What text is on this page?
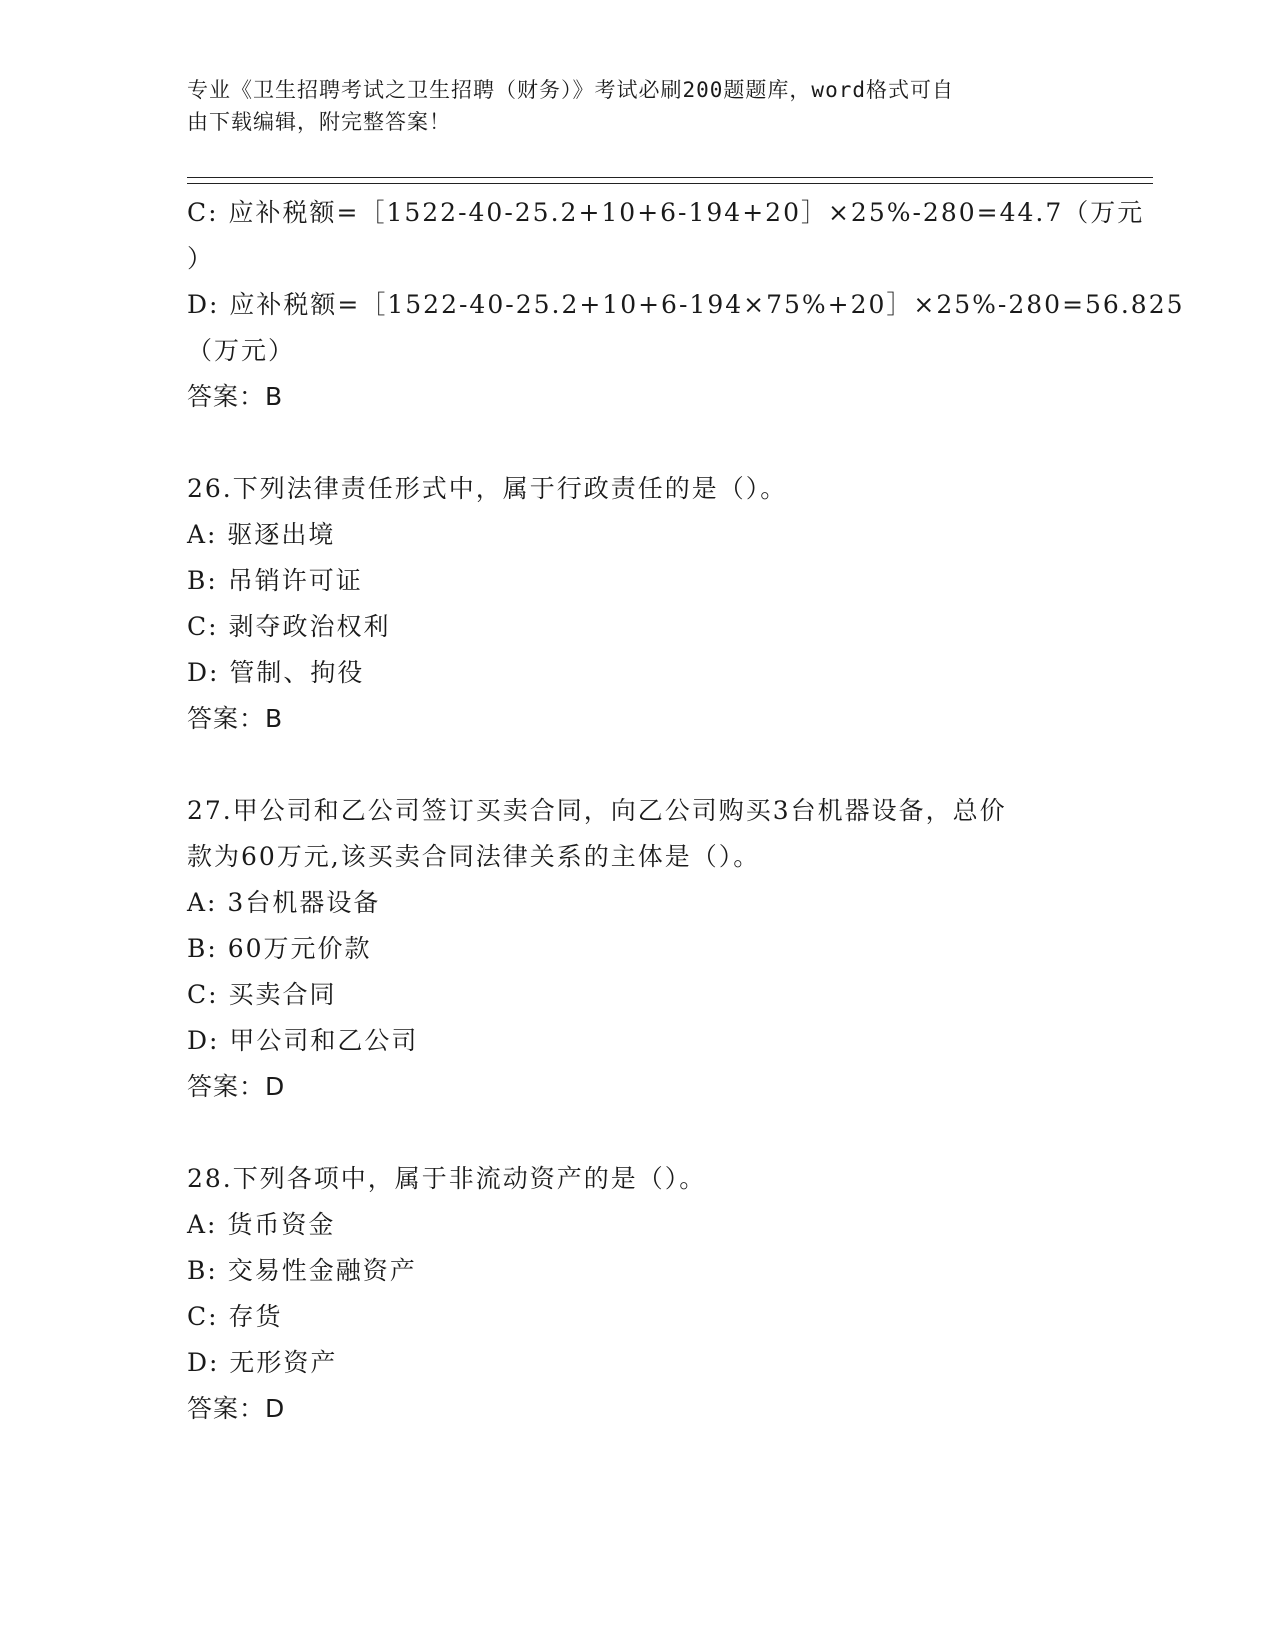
专业《卫生招聘考试之卫生招聘（财务）》考试必刷200题题库，word格式可自
由下载编辑，附完整答案！

C: 应补税额=［1522-40-25.2+10+6-194+20］×25%-280=44.7（万元

）

D: 应补税额=［1522-40-25.2+10+6-194×75%+20］×25%-280=56.825

（万元）

答案：B

26.下列法律责任形式中，属于行政责任的是（）。

A: 驱逐出境

B: 吊销许可证

C: 剥夺政治权利

D: 管制、拘役

答案：B

27.甲公司和乙公司签订买卖合同，向乙公司购买3台机器设备，总价

款为60万元,该买卖合同法律关系的主体是（）。

A: 3台机器设备

B: 60万元价款

C: 买卖合同

D: 甲公司和乙公司

答案：D

28.下列各项中，属于非流动资产的是（）。

A: 货币资金

B: 交易性金融资产

C: 存货

D: 无形资产

答案：D
